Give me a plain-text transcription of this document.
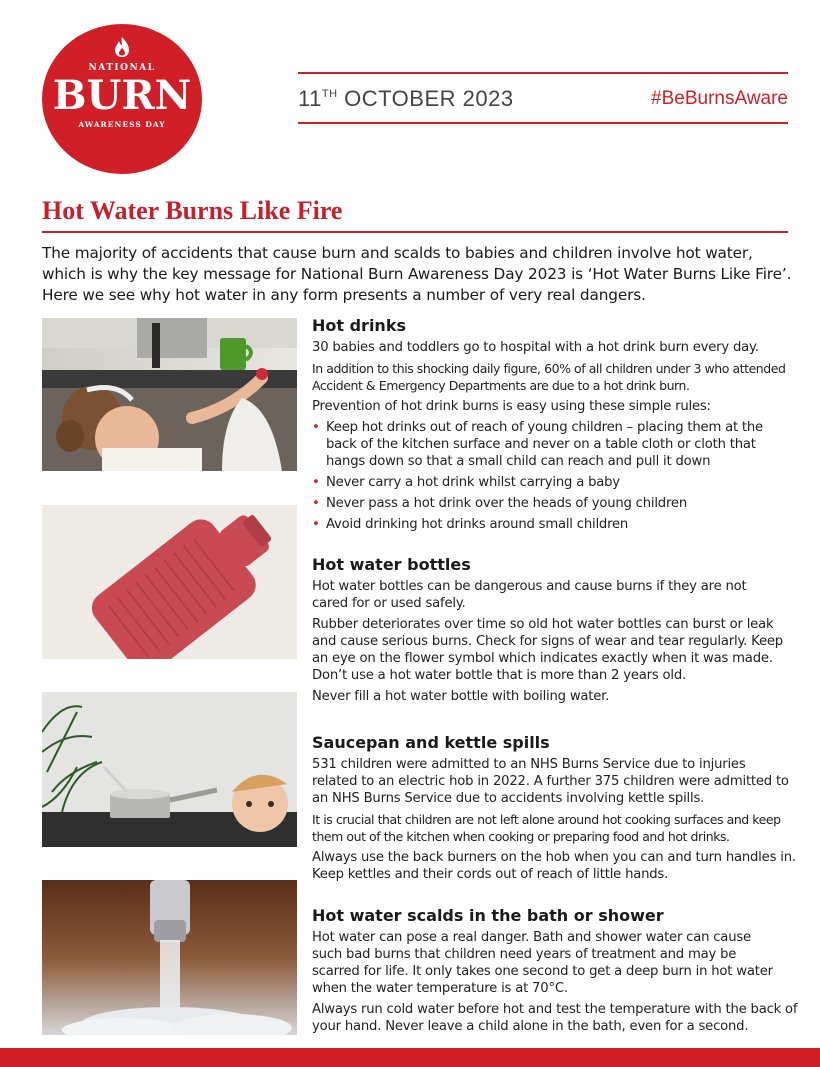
NATIONAL
BURN
AWARENESS DAY
11TH OCTOBER 2023	#BeBurnsAware
Hot Water Burns Like Fire

The majority of accidents that cause burn and scalds to babies and children involve hot water, which is why the key message for National Burn Awareness Day 2023 is ‘Hot Water Burns Like Fire’. Here we see why hot water in any form presents a number of very real dangers.

Hot drinks

30 babies and toddlers go to hospital with a hot drink burn every day.

In addition to this shocking daily figure, 60% of all children under 3 who attended Accident & Emergency Departments are due to a hot drink burn.

Prevention of hot drink burns is easy using these simple rules:

• Keep hot drinks out of reach of young children – placing them at the back of the kitchen surface and never on a table cloth or cloth that hangs down so that a small child can reach and pull it down
• Never carry a hot drink whilst carrying a baby
• Never pass a hot drink over the heads of young children
• Avoid drinking hot drinks around small children
Hot water bottles

Hot water bottles can be dangerous and cause burns if they are not cared for or used safely.

Rubber deteriorates over time so old hot water bottles can burst or leak and cause serious burns. Check for signs of wear and tear regularly. Keep an eye on the flower symbol which indicates exactly when it was made. Don’t use a hot water bottle that is more than 2 years old.

Never fill a hot water bottle with boiling water.

Saucepan and kettle spills

531 children were admitted to an NHS Burns Service due to injuries related to an electric hob in 2022. A further 375 children were admitted to an NHS Burns Service due to accidents involving kettle spills.

It is crucial that children are not left alone around hot cooking surfaces and keep them out of the kitchen when cooking or preparing food and hot drinks.

Always use the back burners on the hob when you can and turn handles in. Keep kettles and their cords out of reach of little hands.

Hot water scalds in the bath or shower

Hot water can pose a real danger. Bath and shower water can cause such bad burns that children need years of treatment and may be scarred for life. It only takes one second to get a deep burn in hot water when the water temperature is at 70°C.

Always run cold water before hot and test the temperature with the back of your hand. Never leave a child alone in the bath, even for a second.
